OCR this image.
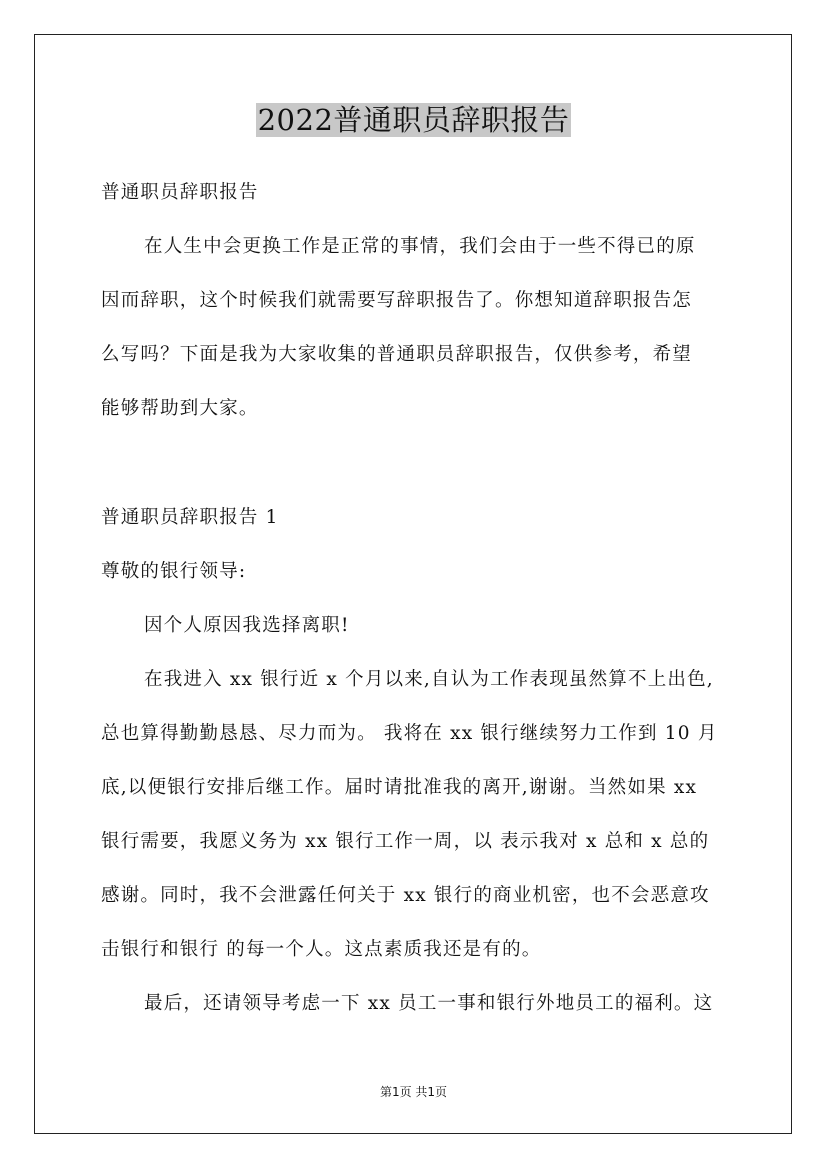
2022普通职员辞职报告
普通职员辞职报告
在人生中会更换工作是正常的事情，我们会由于一些不得已的原
因而辞职，这个时候我们就需要写辞职报告了。你想知道辞职报告怎
么写吗？下面是我为大家收集的普通职员辞职报告，仅供参考，希望
能够帮助到大家。
普通职员辞职报告 1
尊敬的银行领导:
因个人原因我选择离职!
在我进入 xx 银行近 x 个月以来,自认为工作表现虽然算不上出色,
总也算得勤勤恳恳、尽力而为。 我将在 xx 银行继续努力工作到 10 月
底,以便银行安排后继工作。届时请批准我的离开,谢谢。当然如果 xx
银行需要，我愿义务为 xx 银行工作一周，以 表示我对 x 总和 x 总的
感谢。同时，我不会泄露任何关于 xx 银行的商业机密，也不会恶意攻
击银行和银行 的每一个人。这点素质我还是有的。
最后，还请领导考虑一下 xx 员工一事和银行外地员工的福利。这
第1页 共1页
